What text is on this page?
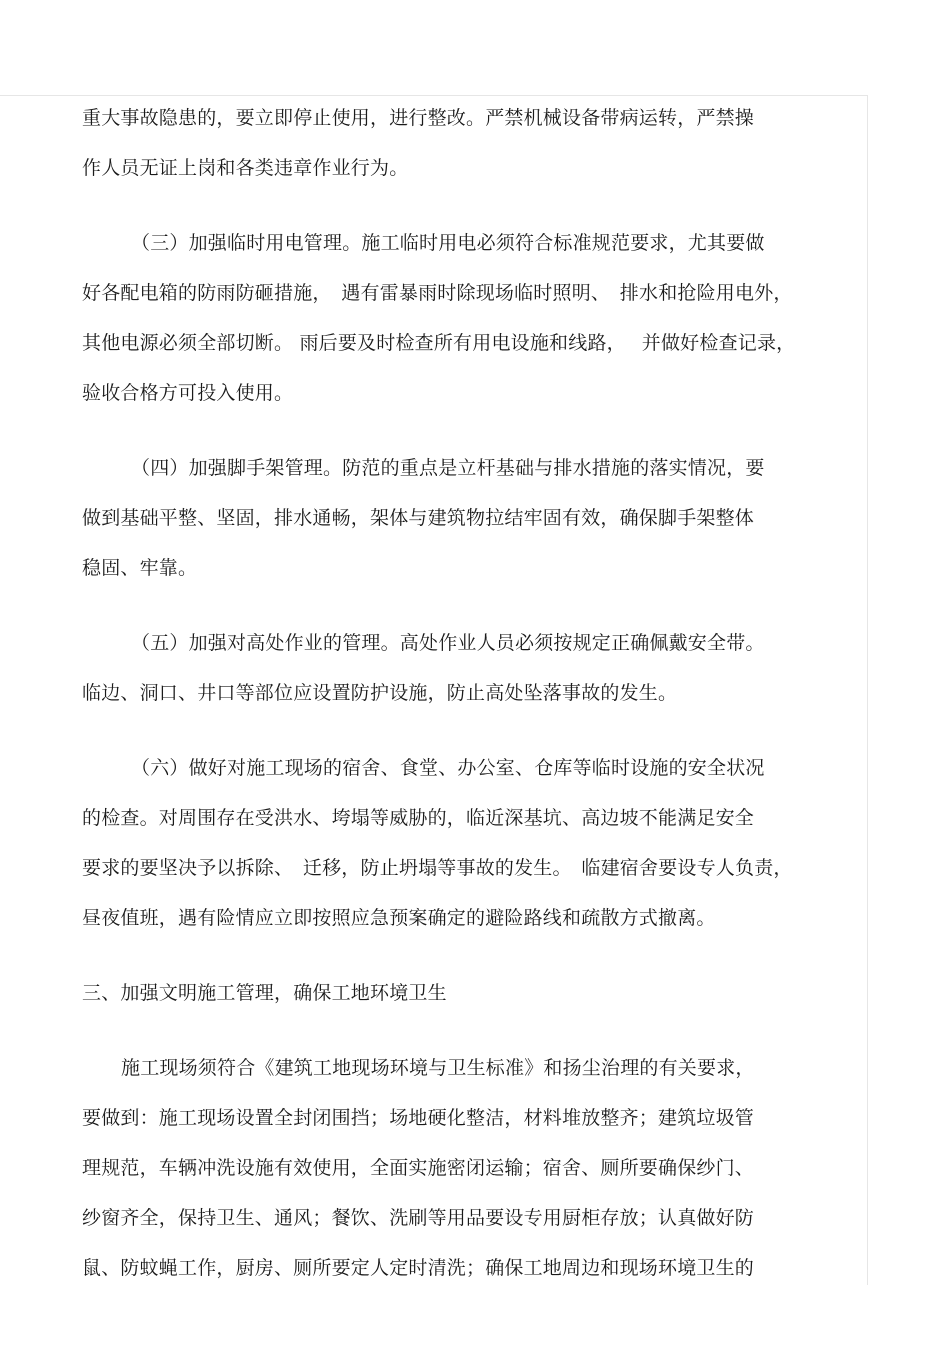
重大事故隐患的，要立即停止使用，进行整改。严禁机械设备带病运转，严禁操
作人员无证上岗和各类违章作业行为。
（三）加强临时用电管理。施工临时用电必须符合标准规范要求，尤其要做
好各配电箱的防雨防砸措施，　遇有雷暴雨时除现场临时照明、　排水和抢险用电外，
其他电源必须全部切断。 雨后要及时检查所有用电设施和线路，　 并做好检查记录，
验收合格方可投入使用。
（四）加强脚手架管理。防范的重点是立杆基础与排水措施的落实情况，要
做到基础平整、坚固，排水通畅，架体与建筑物拉结牢固有效，确保脚手架整体
稳固、牢靠。
（五）加强对高处作业的管理。高处作业人员必须按规定正确佩戴安全带。
临边、洞口、井口等部位应设置防护设施，防止高处坠落事故的发生。
（六）做好对施工现场的宿舍、食堂、办公室、仓库等临时设施的安全状况
的检查。对周围存在受洪水、垮塌等威胁的，临近深基坑、高边坡不能满足安全
要求的要坚决予以拆除、　迁移，防止坍塌等事故的发生。　临建宿舍要设专人负责，
昼夜值班，遇有险情应立即按照应急预案确定的避险路线和疏散方式撤离。
三、加强文明施工管理，确保工地环境卫生
施工现场须符合《建筑工地现场环境与卫生标准》和扬尘治理的有关要求，
要做到：施工现场设置全封闭围挡；场地硬化整洁，材料堆放整齐；建筑垃圾管
理规范，车辆冲洗设施有效使用，全面实施密闭运输；宿舍、厕所要确保纱门、
纱窗齐全，保持卫生、通风；餐饮、洗刷等用品要设专用厨柜存放；认真做好防
鼠、防蚊蝇工作，厨房、厕所要定人定时清洗；确保工地周边和现场环境卫生的
